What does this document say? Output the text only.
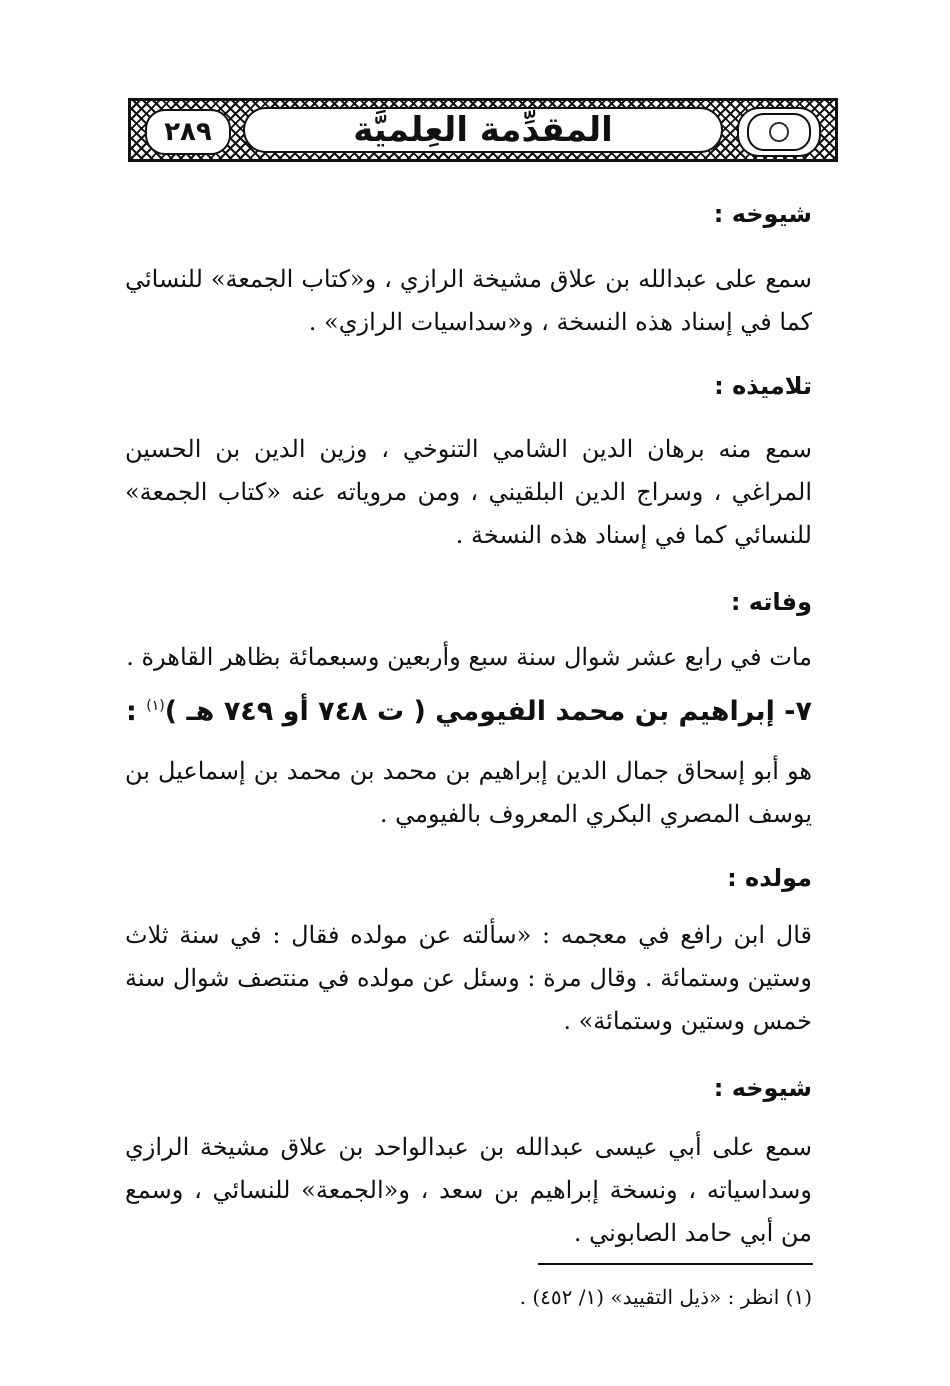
المقدِّمة العِلميَّة
٢٨٩

شيوخه :

سمع على عبدالله بن علاق مشيخة الرازي ، و«كتاب الجمعة» للنسائي كما في إسناد هذه النسخة ، و«سداسيات الرازي» .

تلاميذه :

سمع منه برهان الدين الشامي التنوخي ، وزين الدين بن الحسين المراغي ، وسراج الدين البلقيني ، ومن مروياته عنه «كتاب الجمعة» للنسائي كما في إسناد هذه النسخة .

وفاته :

مات في رابع عشر شوال سنة سبع وأربعين وسبعمائة بظاهر القاهرة .

٧- إبراهيم بن محمد الفيومي ( ت ٧٤٨ أو ٧٤٩ هـ )$^{(١)}$ :

هو أبو إسحاق جمال الدين إبراهيم بن محمد بن محمد بن إسماعيل بن يوسف المصري البكري المعروف بالفيومي .

مولده :

قال ابن رافع في معجمه : «سألته عن مولده فقال : في سنة ثلاث وستين وستمائة . وقال مرة : وسئل عن مولده في منتصف شوال سنة خمس وستين وستمائة» .

شيوخه :

سمع على أبي عيسى عبدالله بن عبدالواحد بن علاق مشيخة الرازي وسداسياته ، ونسخة إبراهيم بن سعد ، و«الجمعة» للنسائي ، وسمع من أبي حامد الصابوني .

(١) انظر : «ذيل التقييد» (١/ ٤٥٢) .
